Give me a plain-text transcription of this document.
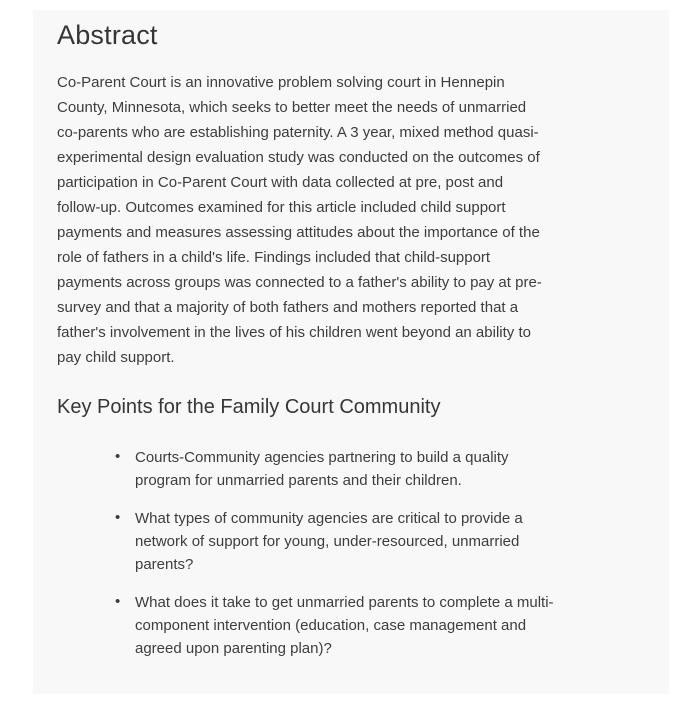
Abstract

Co-Parent Court is an innovative problem solving court in Hennepin
County, Minnesota, which seeks to better meet the needs of unmarried
co-parents who are establishing paternity. A 3 year, mixed method quasi-
experimental design evaluation study was conducted on the outcomes of
participation in Co-Parent Court with data collected at pre, post and
follow-up. Outcomes examined for this article included child support
payments and measures assessing attitudes about the importance of the
role of fathers in a child's life. Findings included that child-support
payments across groups was connected to a father's ability to pay at pre-
survey and that a majority of both fathers and mothers reported that a
father's involvement in the lives of his children went beyond an ability to
pay child support.

Key Points for the Family Court Community
• Courts-Community agencies partnering to build a quality
program for unmarried parents and their children.
• What types of community agencies are critical to provide a
network of support for young, under-resourced, unmarried
parents?
• What does it take to get unmarried parents to complete a multi-
component intervention (education, case management and
agreed upon parenting plan)?
